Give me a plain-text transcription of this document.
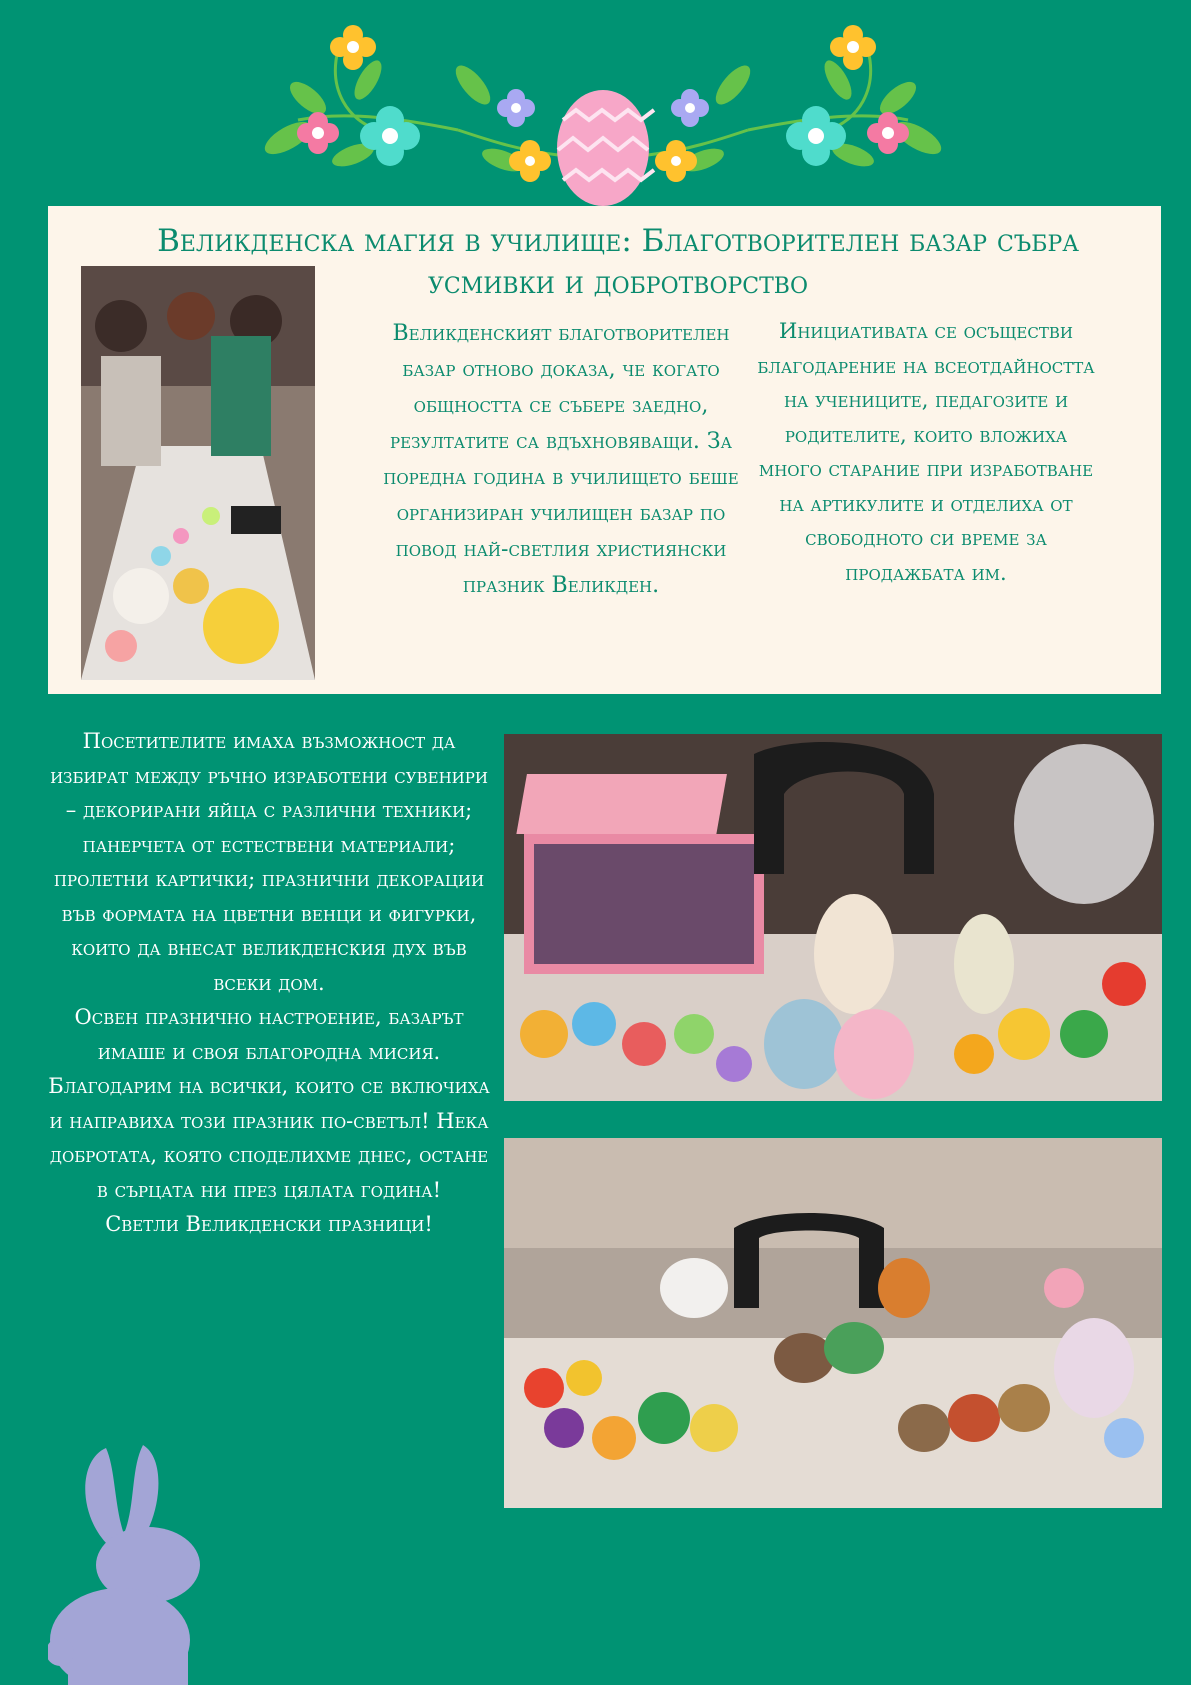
Великденска магия в училище: Благотворителен базар събра усмивки и добротворство

Великденският благотворителен базар отново доказа, че когато общността се събере заедно, резултатите са вдъхновяващи. За поредна година в училището беше организиран училищен базар по повод най-светлия християнски празник Великден.

Инициативата се осъществи благодарение на всеотдайността на учениците, педагозите и родителите, които вложиха много старание при изработване на артикулите и отделиха от свободното си време за продажбата им.

Посетителите имаха възможност да избират между ръчно изработени сувенири – декорирани яйца с различни техники; панерчета от естествени материали; пролетни картички; празнични декорации във формата на цветни венци и фигурки, които да внесат великденския дух във всеки дом.

Освен празнично настроение, базарът имаше и своя благородна мисия.

Благодарим на всички, които се включиха и направиха този празник по-светъл! Нека добротата, която споделихме днес, остане в сърцата ни през цялата година!

Светли Великденски празници!
